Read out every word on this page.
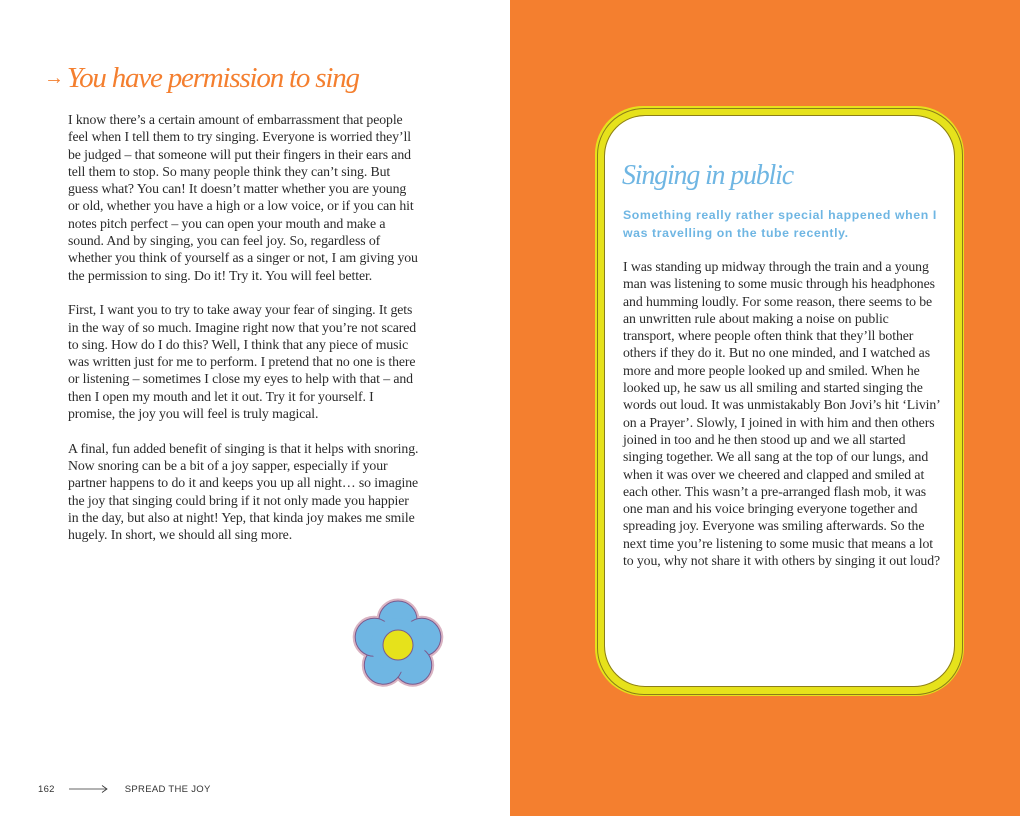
→ You have permission to sing

I know there’s a certain amount of embarrassment that people feel when I tell them to try singing. Everyone is worried they’ll be judged – that someone will put their fingers in their ears and tell them to stop. So many people think they can’t sing. But guess what? You can! It doesn’t matter whether you are young or old, whether you have a high or a low voice, or if you can hit notes pitch perfect – you can open your mouth and make a sound. And by singing, you can feel joy. So, regardless of whether you think of yourself as a singer or not, I am giving you the permission to sing. Do it! Try it. You will feel better.

First, I want you to try to take away your fear of singing. It gets in the way of so much. Imagine right now that you’re not scared to sing. How do I do this? Well, I think that any piece of music was written just for me to perform. I pretend that no one is there or listening – sometimes I close my eyes to help with that – and then I open my mouth and let it out. Try it for yourself. I promise, the joy you will feel is truly magical.

A final, fun added benefit of singing is that it helps with snoring. Now snoring can be a bit of a joy sapper, especially if your partner happens to do it and keeps you up all night… so imagine the joy that singing could bring if it not only made you happier in the day, but also at night! Yep, that kinda joy makes me smile hugely. In short, we should all sing more.

162	SPREAD THE JOY
Singing in public

Something really rather special happened when I was travelling on the tube recently.

I was standing up midway through the train and a young man was listening to some music through his headphones and humming loudly. For some reason, there seems to be an unwritten rule about making a noise on public transport, where people often think that they’ll bother others if they do it. But no one minded, and I watched as more and more people looked up and smiled. When he looked up, he saw us all smiling and started singing the words out loud. It was unmistakably Bon Jovi’s hit ‘Livin’ on a Prayer’. Slowly, I joined in with him and then others joined in too and he then stood up and we all started singing together. We all sang at the top of our lungs, and when it was over we cheered and clapped and smiled at each other. This wasn’t a pre-arranged flash mob, it was one man and his voice bringing everyone together and spreading joy. Everyone was smiling afterwards. So the next time you’re listening to some music that means a lot to you, why not share it with others by singing it out loud?
